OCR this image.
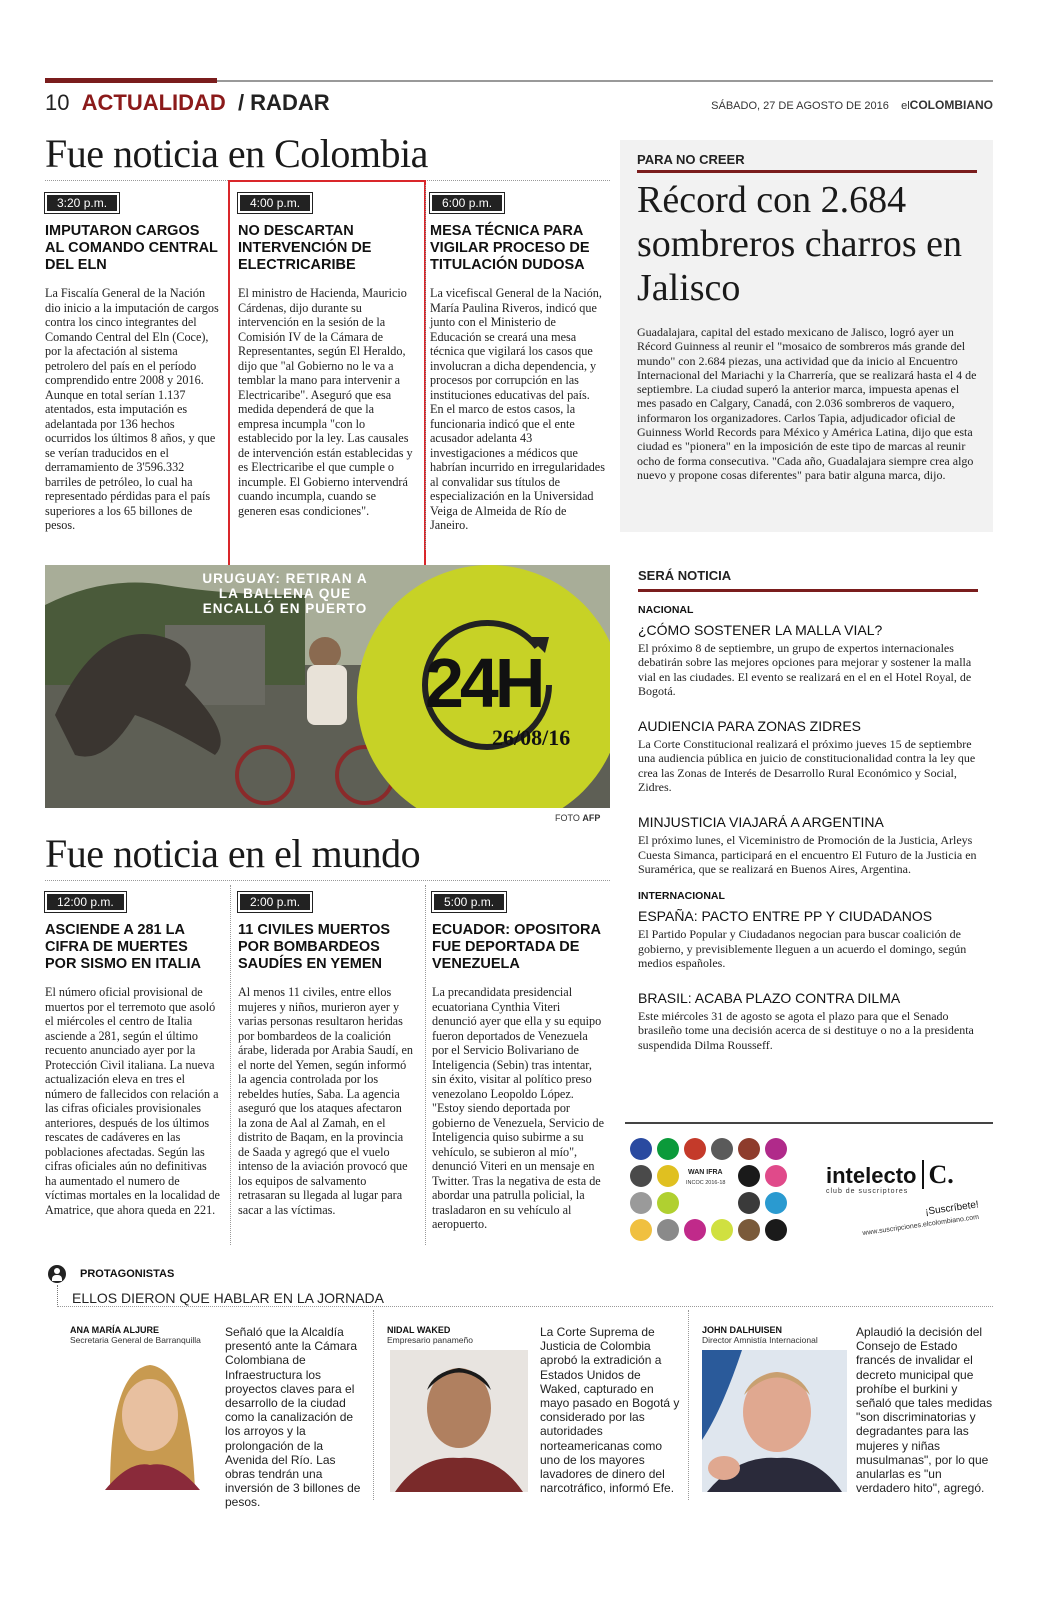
10 ACTUALIDAD / RADAR	SÁBADO, 27 DE AGOSTO DE 2016 elCOLOMBIANO
Fue noticia en Colombia
3:20 p.m.
IMPUTARON CARGOS AL COMANDO CENTRAL DEL ELN
La Fiscalía General de la Nación dio inicio a la imputación de cargos contra los cinco integrantes del Comando Central del Eln (Coce), por la afectación al sistema petrolero del país en el período comprendido entre 2008 y 2016. Aunque en total serían 1.137 atentados, esta imputación es adelantada por 136 hechos ocurridos los últimos 8 años, y que se verían traducidos en el derramamiento de 3'596.332 barriles de petróleo, lo cual ha representado pérdidas para el país superiores a los 65 billones de pesos.
4:00 p.m.
NO DESCARTAN INTERVENCIÓN DE ELECTRICARIBE
El ministro de Hacienda, Mauricio Cárdenas, dijo durante su intervención en la sesión de la Comisión IV de la Cámara de Representantes, según El Heraldo, dijo que "al Gobierno no le va a temblar la mano para intervenir a Electricaribe". Aseguró que esa medida dependerá de que la empresa incumpla "con lo establecido por la ley. Las causales de intervención están establecidas y es Electricaribe el que cumple o incumple. El Gobierno intervendrá cuando incumpla, cuando se generen esas condiciones".
6:00 p.m.
MESA TÉCNICA PARA VIGILAR PROCESO DE TITULACIÓN DUDOSA
La vicefiscal General de la Nación, María Paulina Riveros, indicó que junto con el Ministerio de Educación se creará una mesa técnica que vigilará los casos que involucran a dicha dependencia, y procesos por corrupción en las instituciones educativas del país. En el marco de estos casos, la funcionaria indicó que el ente acusador adelanta 43 investigaciones a médicos que habrían incurrido en irregularidades al convalidar sus títulos de especialización en la Universidad Veiga de Almeida de Río de Janeiro.
PARA NO CREER
Récord con 2.684 sombreros charros en Jalisco
Guadalajara, capital del estado mexicano de Jalisco, logró ayer un Récord Guinness al reunir el "mosaico de sombreros más grande del mundo" con 2.684 piezas, una actividad que da inicio al Encuentro Internacional del Mariachi y la Charrería, que se realizará hasta el 4 de septiembre. La ciudad superó la anterior marca, impuesta apenas el mes pasado en Calgary, Canadá, con 2.036 sombreros de vaquero, informaron los organizadores. Carlos Tapia, adjudicador oficial de Guinness World Records para México y América Latina, dijo que esta ciudad es "pionera" en la imposición de este tipo de marcas al reunir ocho de forma consecutiva. "Cada año, Guadalajara siempre crea algo nuevo y propone cosas diferentes" para batir alguna marca, dijo.
URUGUAY: RETIRAN A LA BALLENA QUE ENCALLÓ EN PUERTO
24H
26/08/16
FOTO AFP
SERÁ NOTICIA
NACIONAL
¿CÓMO SOSTENER LA MALLA VIAL?
El próximo 8 de septiembre, un grupo de expertos internacionales debatirán sobre las mejores opciones para mejorar y sostener la malla vial en las ciudades. El evento se realizará en el en el Hotel Royal, de Bogotá.
AUDIENCIA PARA ZONAS ZIDRES
La Corte Constitucional realizará el próximo jueves 15 de septiembre una audiencia pública en juicio de constitucionalidad contra la ley que crea las Zonas de Interés de Desarrollo Rural Económico y Social, Zidres.
MINJUSTICIA VIAJARÁ A ARGENTINA
El próximo lunes, el Viceministro de Promoción de la Justicia, Arleys Cuesta Simanca, participará en el encuentro El Futuro de la Justicia en Suramérica, que se realizará en Buenos Aires, Argentina.
INTERNACIONAL
ESPAÑA: PACTO ENTRE PP Y CIUDADANOS
El Partido Popular y Ciudadanos negocian para buscar coalición de gobierno, y previsiblemente lleguen a un acuerdo el domingo, según medios españoles.
BRASIL: ACABA PLAZO CONTRA DILMA
Este miércoles 31 de agosto se agota el plazo para que el Senado brasileño tome una decisión acerca de si destituye o no a la presidenta suspendida Dilma Rousseff.
Fue noticia en el mundo
12:00 p.m.
ASCIENDE A 281 LA CIFRA DE MUERTES POR SISMO EN ITALIA
El número oficial provisional de muertos por el terremoto que asoló el miércoles el centro de Italia asciende a 281, según el último recuento anunciado ayer por la Protección Civil italiana. La nueva actualización eleva en tres el número de fallecidos con relación a las cifras oficiales provisionales anteriores, después de los últimos rescates de cadáveres en las poblaciones afectadas. Según las cifras oficiales aún no definitivas ha aumentado el numero de víctimas mortales en la localidad de Amatrice, que ahora queda en 221.
2:00 p.m.
11 CIVILES MUERTOS POR BOMBARDEOS SAUDÍES EN YEMEN
Al menos 11 civiles, entre ellos mujeres y niños, murieron ayer y varias personas resultaron heridas por bombardeos de la coalición árabe, liderada por Arabia Saudí, en el norte del Yemen, según informó la agencia controlada por los rebeldes hutíes, Saba. La agencia aseguró que los ataques afectaron la zona de Aal al Zamah, en el distrito de Baqam, en la provincia de Saada y agregó que el vuelo intenso de la aviación provocó que los equipos de salvamento retrasaran su llegada al lugar para sacar a las víctimas.
5:00 p.m.
ECUADOR: OPOSITORA FUE DEPORTADA DE VENEZUELA
La precandidata presidencial ecuatoriana Cynthia Viteri denunció ayer que ella y su equipo fueron deportados de Venezuela por el Servicio Bolivariano de Inteligencia (Sebin) tras intentar, sin éxito, visitar al político preso venezolano Leopoldo López. "Estoy siendo deportada por gobierno de Venezuela, Servicio de Inteligencia quiso subirme a su vehículo, se subieron al mío", denunció Viteri en un mensaje en Twitter. Tras la negativa de esta de abordar una patrulla policial, la trasladaron en su vehículo al aeropuerto.
WAN IFRA
INCOC 2016-18	intelecto C.
club de suscriptores
¡Suscríbete!
www.suscripciones.elcolombiano.com
PROTAGONISTAS
ELLOS DIERON QUE HABLAR EN LA JORNADA
ANA MARÍA ALJURE
Secretaria General de Barranquilla
Señaló que la Alcaldía presentó ante la Cámara Colombiana de Infraestructura los proyectos claves para el desarrollo de la ciudad como la canalización de los arroyos y la prolongación de la Avenida del Río. Las obras tendrán una inversión de 3 billones de pesos.
NIDAL WAKED
Empresario panameño
La Corte Suprema de Justicia de Colombia aprobó la extradición a Estados Unidos de Waked, capturado en mayo pasado en Bogotá y considerado por las autoridades norteamericanas como uno de los mayores lavadores de dinero del narcotráfico, informó Efe.
JOHN DALHUISEN
Director Amnistía Internacional
Aplaudió la decisión del Consejo de Estado francés de invalidar el decreto municipal que prohíbe el burkini y señaló que tales medidas "son discriminatorias y degradantes para las mujeres y niñas musulmanas", por lo que anularlas es "un verdadero hito", agregó.
